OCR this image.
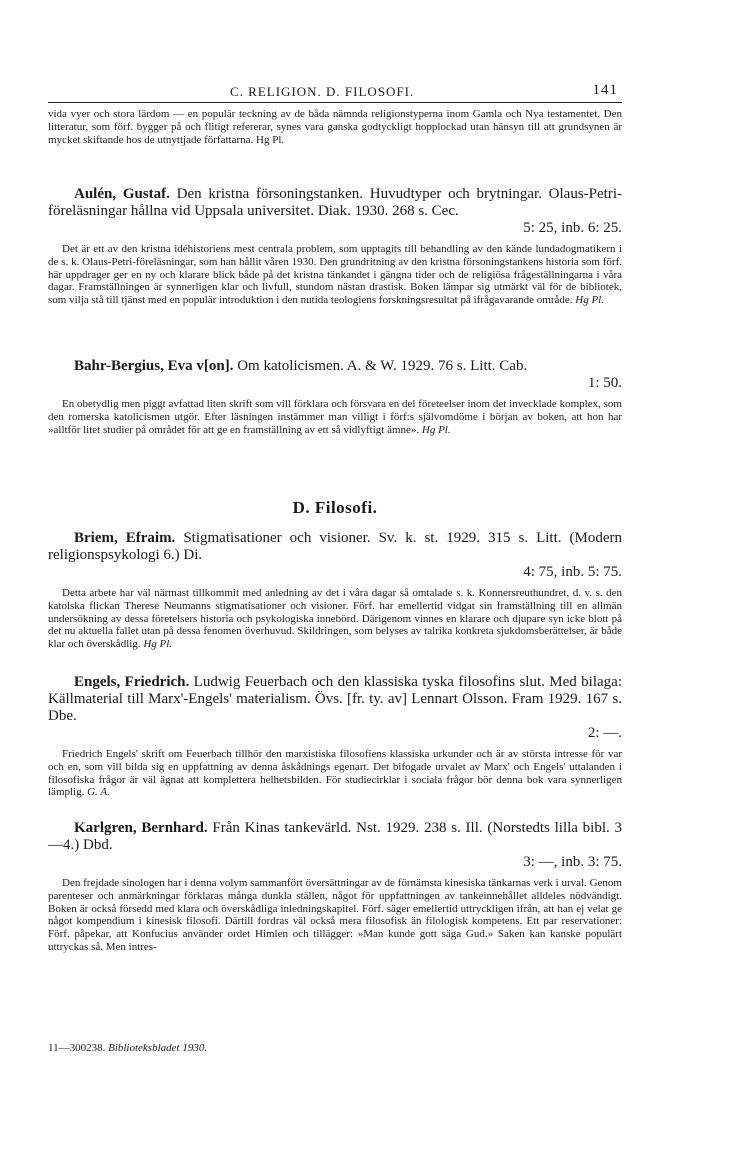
C. RELIGION. D. FILOSOFI.	141

vida vyer och stora lärdom — en populär teckning av de båda nämnda religionstyperna inom Gamla och Nya testamentet. Den litteratur, som förf. bygger på och flitigt refererar, synes vara ganska godtyckligt hopplockad utan hänsyn till att grundsynen är mycket skiftande hos de utnyttjade författarna. Hg Pl.

Aulén, Gustaf. Den kristna försoningstanken. Huvudtyper och brytningar. Olaus-Petri-föreläsningar hållna vid Uppsala universitet. Diak. 1930. 268 s. Cec.

5: 25, inb. 6: 25.

Det är ett av den kristna idéhistoriens mest centrala problem, som upptagits till behandling av den kände lundadogmatikern i de s. k. Olaus-Petri-föreläsningar, som han hållit våren 1930. Den grundritning av den kristna försoningstankens historia som förf. här uppdrager ger en ny och klarare blick både på det kristna tänkandet i gängna tider och de religiösa frågeställningarna i våra dagar. Framställningen är synnerligen klar och livfull, stundom nästan drastisk. Boken lämpar sig utmärkt väl för de bibliotek, som vilja stå till tjänst med en populär introduktion i den nutida teologiens forskningsresultat på ifrågavarande område. Hg Pl.

Bahr-Bergius, Eva v[on]. Om katolicismen. A. & W. 1929. 76 s. Litt. Cab.

1: 50.

En obetydlig men piggt avfattad liten skrift som vill förklara och försvara en del företeelser inom det invecklade komplex, som den romerska katolicismen utgör. Efter läsningen instämmer man villigt i förf:s självomdöme i början av boken, att hon har »alltför litet studier på området för att ge en framställning av ett så vidlyftigt ämne». Hg Pl.

D. Filosofi.

Briem, Efraim. Stigmatisationer och visioner. Sv. k. st. 1929. 315 s. Litt. (Modern religionspsykologi 6.) Di.

4: 75, inb. 5: 75.

Detta arbete har väl närmast tillkommit med anledning av det i våra dagar så omtalade s. k. Konnersreuthundret, d. v. s. den katolska flickan Therese Neumanns stigmatisationer och visioner. Förf. har emellertid vidgat sin framställning till en allmän undersökning av dessa företelsers historia och psykologiska innebörd. Därigenom vinnes en klarare och djupare syn icke blott på det nu aktuella fallet utan på dessa fenomen överhuvud. Skildringen, som belyses av talrika konkreta sjukdomsberättelser, är både klar och överskådlig. Hg Pl.

Engels, Friedrich. Ludwig Feuerbach och den klassiska tyska filosofins slut. Med bilaga: Källmaterial till Marx'-Engels' materialism. Övs. [fr. ty. av] Lennart Olsson. Fram 1929. 167 s. Dbe.

2: —.

Friedrich Engels' skrift om Feuerbach tillhör den marxistiska filosofiens klassiska urkunder och är av största intresse för var och en, som vill bilda sig en uppfattning av denna åskådnings egenart. Det bifogade urvalet av Marx' och Engels' uttalanden i filosofiska frågor är väl ägnat att komplettera helhetsbilden. För studiecirklar i sociala frågor bör denna bok vara synnerligen lämplig. G. A.

Karlgren, Bernhard. Från Kinas tankevärld. Nst. 1929. 238 s. Ill. (Norstedts lilla bibl. 3—4.) Dbd.

3: —, inb. 3: 75.

Den frejdade sinologen har i denna volym sammanfört översättningar av de förnämsta kinesiska tänkarnas verk i urval. Genom parenteser och anmärkningar förklaras många dunkla ställen, något för uppfattningen av tankeinnehållet alldeles nödvändigt. Boken är också försedd med klara och överskådliga inledningskapitel. Förf. säger emellertid uttryckligen ifrån, att han ej velat ge något kompendium i kinesisk filosofi. Därtill fordras väl också mera filosofisk än filologisk kompetens. Ett par reservationer: Förf. påpekar, att Konfucius använder ordet Himlen och tillägger: »Man kunde gott säga Gud.» Saken kan kanske populärt uttryckas så. Men intres-

11—300238. Biblioteksbladet 1930.
